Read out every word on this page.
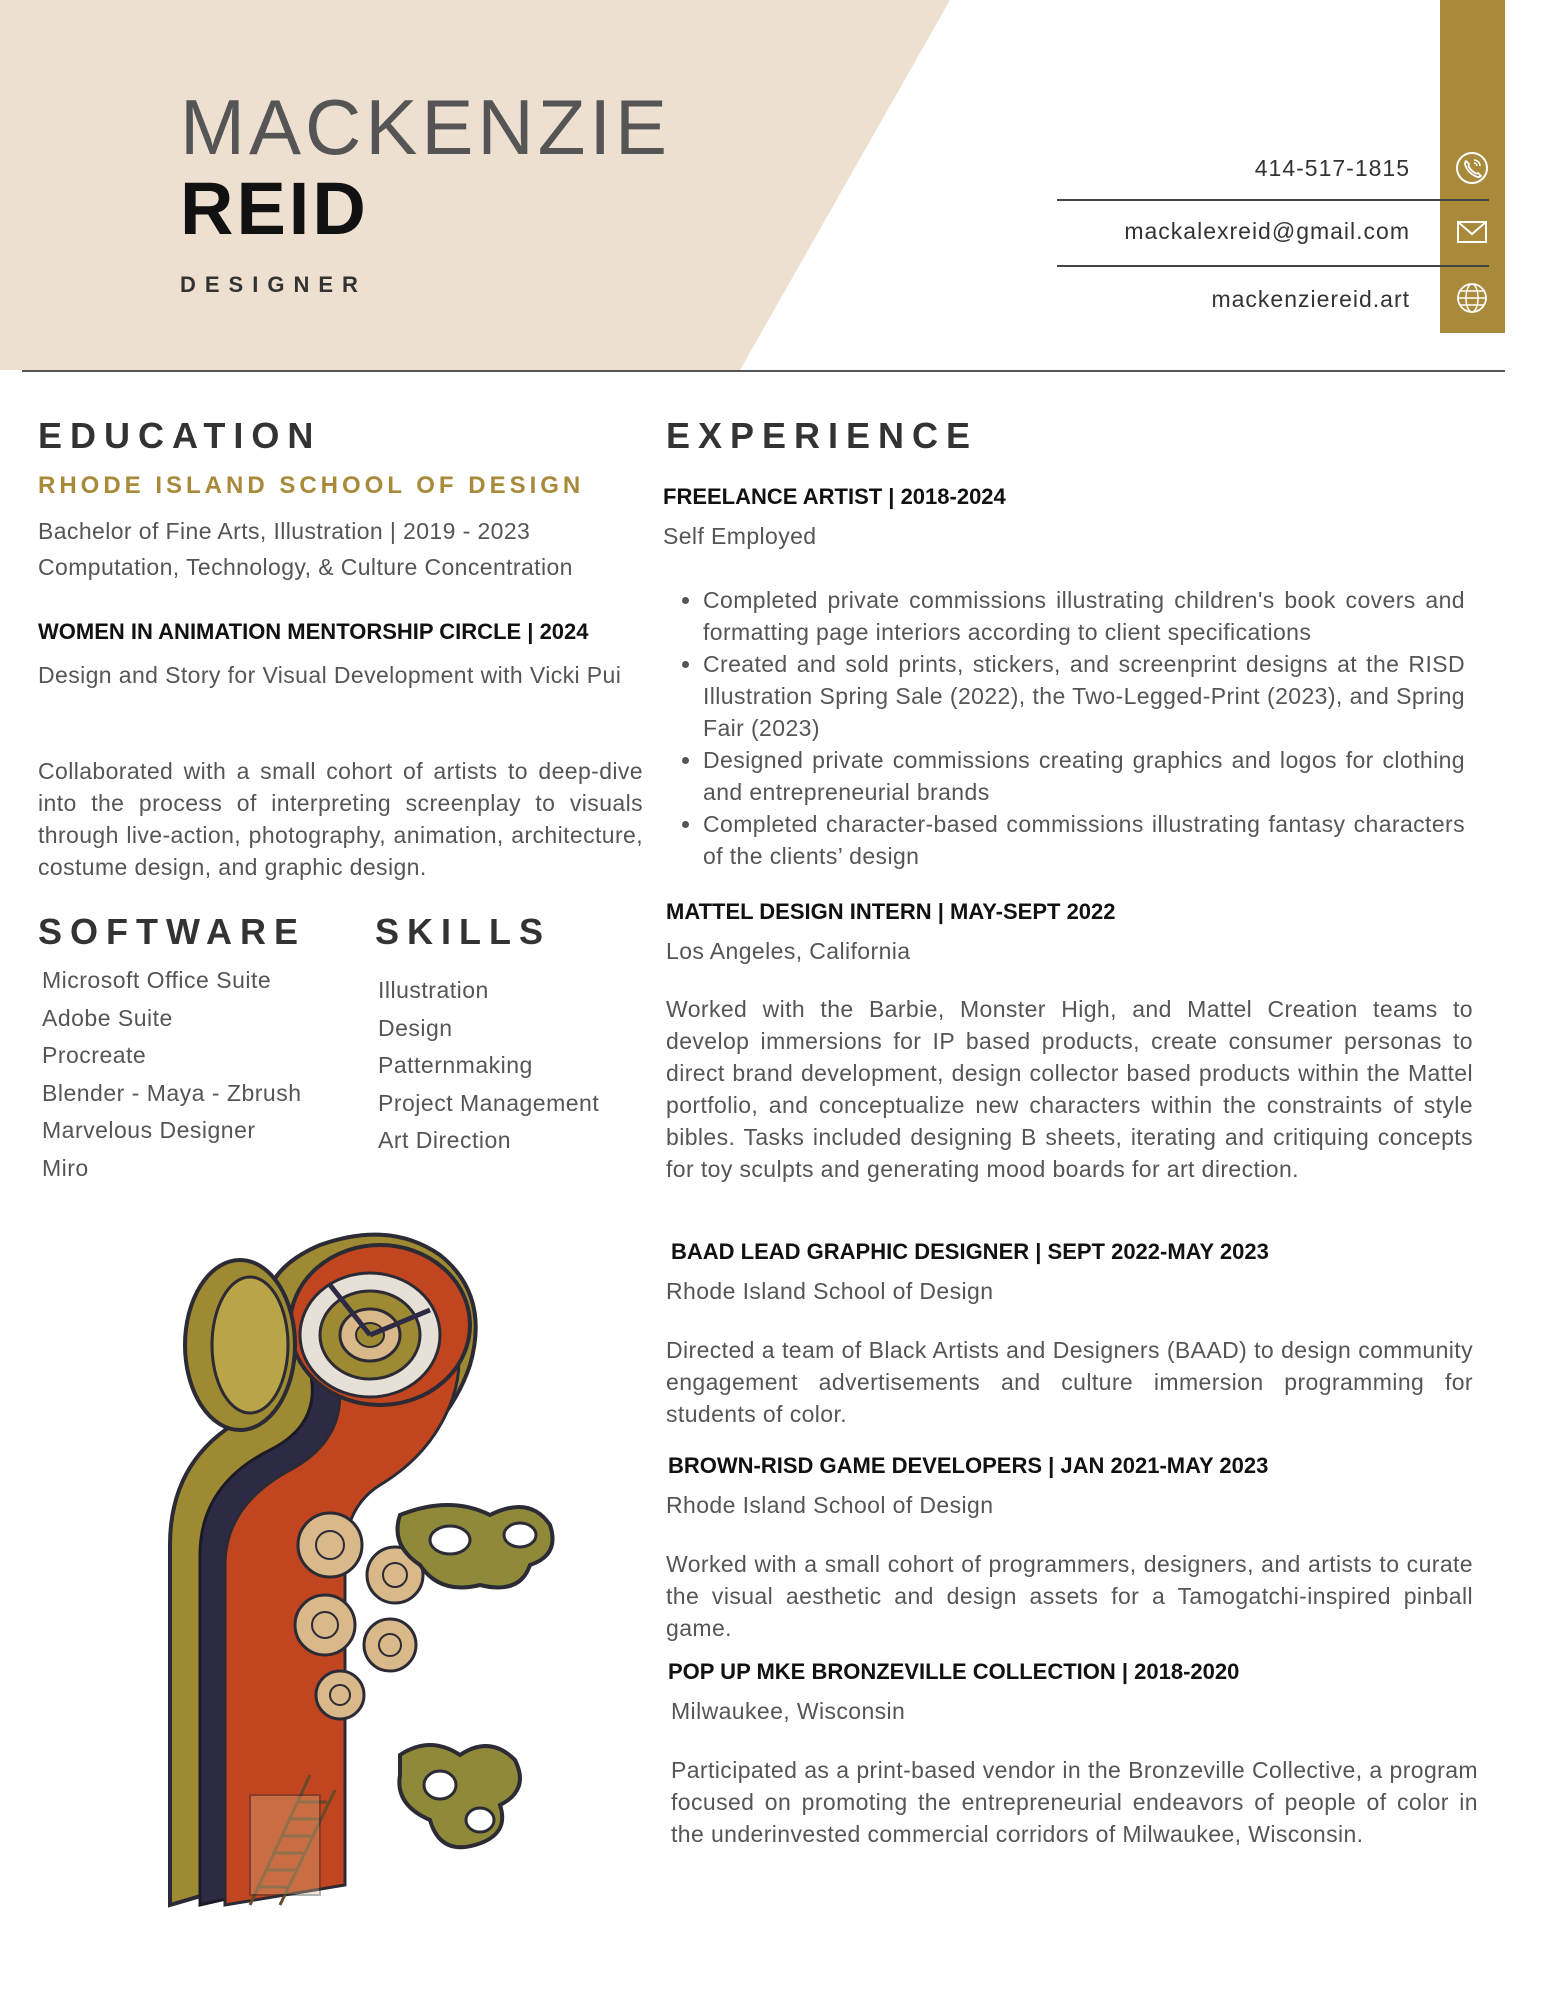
MACKENZIE
REID
DESIGNER
414-517-1815
mackalexreid@gmail.com
mackenziereid.art
EDUCATION
RHODE ISLAND SCHOOL OF DESIGN
Bachelor of Fine Arts, Illustration | 2019 - 2023
Computation, Technology, & Culture Concentration
WOMEN IN ANIMATION MENTORSHIP CIRCLE | 2024
Design and Story for Visual Development with Vicki Pui
Collaborated with a small cohort of artists to deep-dive into the process of interpreting screenplay to visuals through live-action, photography, animation, architecture, costume design, and graphic design.
SOFTWARE
Microsoft Office Suite
Adobe Suite
Procreate
Blender - Maya - Zbrush
Marvelous Designer
Miro
SKILLS
Illustration
Design
Patternmaking
Project Management
Art Direction
EXPERIENCE
FREELANCE ARTIST | 2018-2024
Self Employed
• Completed private commissions illustrating children's book covers and formatting page interiors according to client specifications
• Created and sold prints, stickers, and screenprint designs at the RISD Illustration Spring Sale (2022), the Two-Legged-Print (2023), and Spring Fair (2023)
• Designed private commissions creating graphics and logos for clothing and entrepreneurial brands
• Completed character-based commissions illustrating fantasy characters of the clients’ design
MATTEL DESIGN INTERN | MAY-SEPT 2022
Los Angeles, California
Worked with the Barbie, Monster High, and Mattel Creation teams to develop immersions for IP based products, create consumer personas to direct brand development, design collector based products within the Mattel portfolio, and conceptualize new characters within the constraints of style bibles. Tasks included designing B sheets, iterating and critiquing concepts for toy sculpts and generating mood boards for art direction.
BAAD LEAD GRAPHIC DESIGNER | SEPT 2022-MAY 2023
Rhode Island School of Design
Directed a team of Black Artists and Designers (BAAD) to design community engagement advertisements and culture immersion programming for students of color.
BROWN-RISD GAME DEVELOPERS | JAN 2021-MAY 2023
Rhode Island School of Design
Worked with a small cohort of programmers, designers, and artists to curate the visual aesthetic and design assets for a Tamogatchi-inspired pinball game.
POP UP MKE BRONZEVILLE COLLECTION | 2018-2020
Milwaukee, Wisconsin
Participated as a print-based vendor in the Bronzeville Collective, a program focused on promoting the entrepreneurial endeavors of people of color in the underinvested commercial corridors of Milwaukee, Wisconsin.
